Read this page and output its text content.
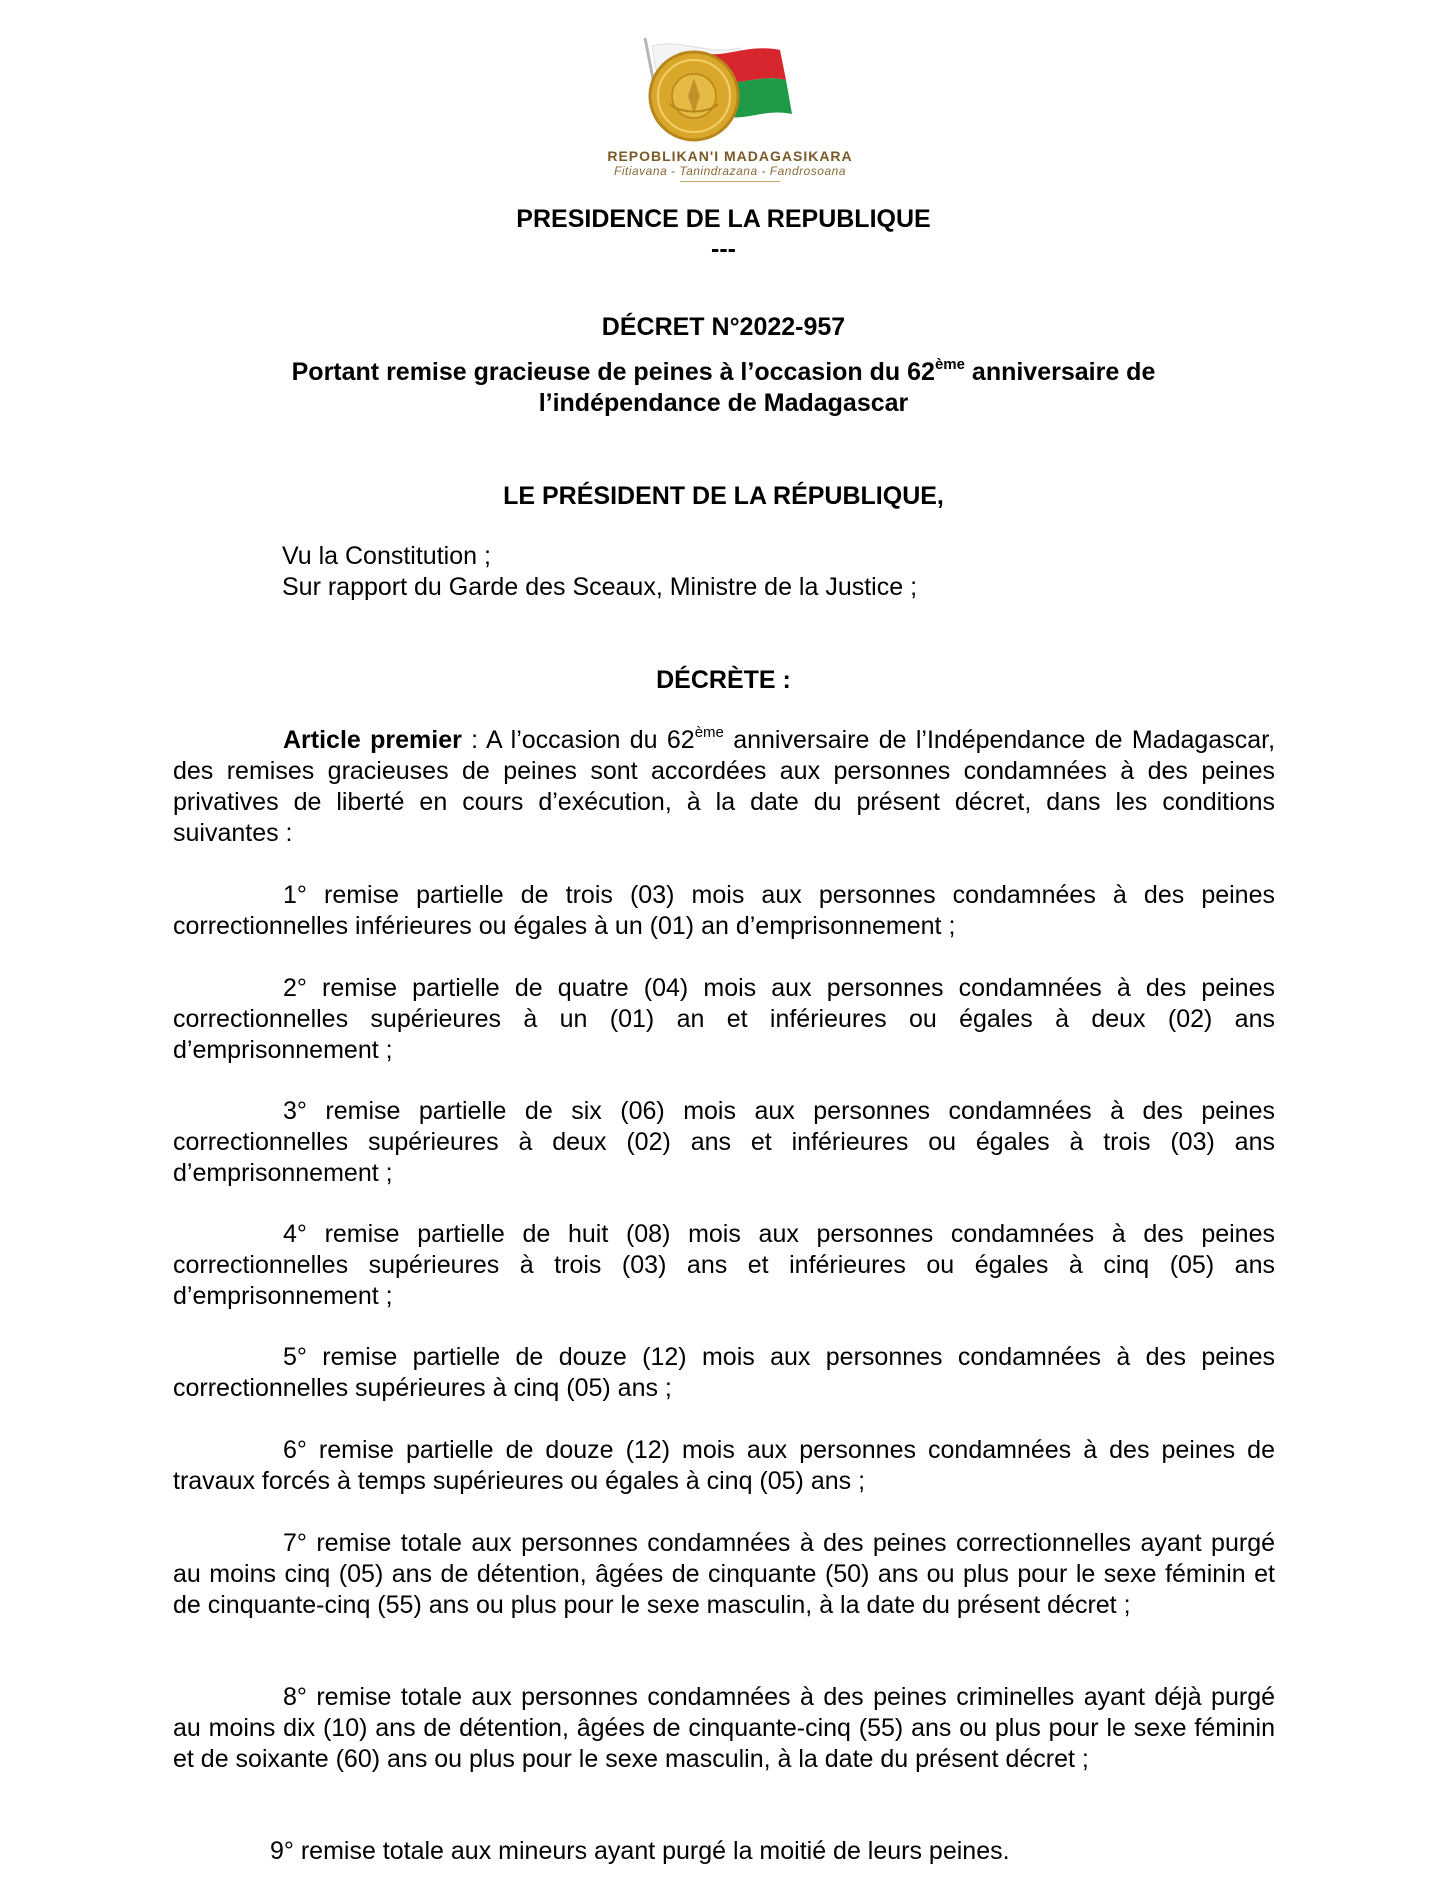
REPOBLIKAN'I MADAGASIKARA
Fitiavana - Tanindrazana - Fandrosoana
PRESIDENCE DE LA REPUBLIQUE
---
DÉCRET N°2022-957
Portant remise gracieuse de peines à l’occasion du 62ème anniversaire de
l’indépendance de Madagascar
LE PRÉSIDENT DE LA RÉPUBLIQUE,
Vu la Constitution ;
Sur rapport du Garde des Sceaux, Ministre de la Justice ;
DÉCRÈTE :
Article premier : A l’occasion du 62ème anniversaire de l’Indépendance de Madagascar, des remises gracieuses de peines sont accordées aux personnes condamnées à des peines privatives de liberté en cours d’exécution, à la date du présent décret, dans les conditions suivantes :
1° remise partielle de trois (03) mois aux personnes condamnées à des peines correctionnelles inférieures ou égales à un (01) an d’emprisonnement ;
2° remise partielle de quatre (04) mois aux personnes condamnées à des peines correctionnelles supérieures à un (01) an et inférieures ou égales à deux (02) ans d’emprisonnement ;
3° remise partielle de six (06) mois aux personnes condamnées à des peines correctionnelles supérieures à deux (02) ans et inférieures ou égales à trois (03) ans d’emprisonnement ;
4° remise partielle de huit (08) mois aux personnes condamnées à des peines correctionnelles supérieures à trois (03) ans et inférieures ou égales à cinq (05) ans d’emprisonnement ;
5° remise partielle de douze (12) mois aux personnes condamnées à des peines correctionnelles supérieures à cinq (05) ans ;
6° remise partielle de douze (12) mois aux personnes condamnées à des peines de travaux forcés à temps supérieures ou égales à cinq (05) ans ;
7° remise totale aux personnes condamnées à des peines correctionnelles ayant purgé au moins cinq (05) ans de détention, âgées de cinquante (50) ans ou plus pour le sexe féminin et de cinquante-cinq (55) ans ou plus pour le sexe masculin, à la date du présent décret ;
8° remise totale aux personnes condamnées à des peines criminelles ayant déjà purgé au moins dix (10) ans de détention, âgées de cinquante-cinq (55) ans ou plus pour le sexe féminin et de soixante (60) ans ou plus pour le sexe masculin, à la date du présent décret ;
9° remise totale aux mineurs ayant purgé la moitié de leurs peines.
